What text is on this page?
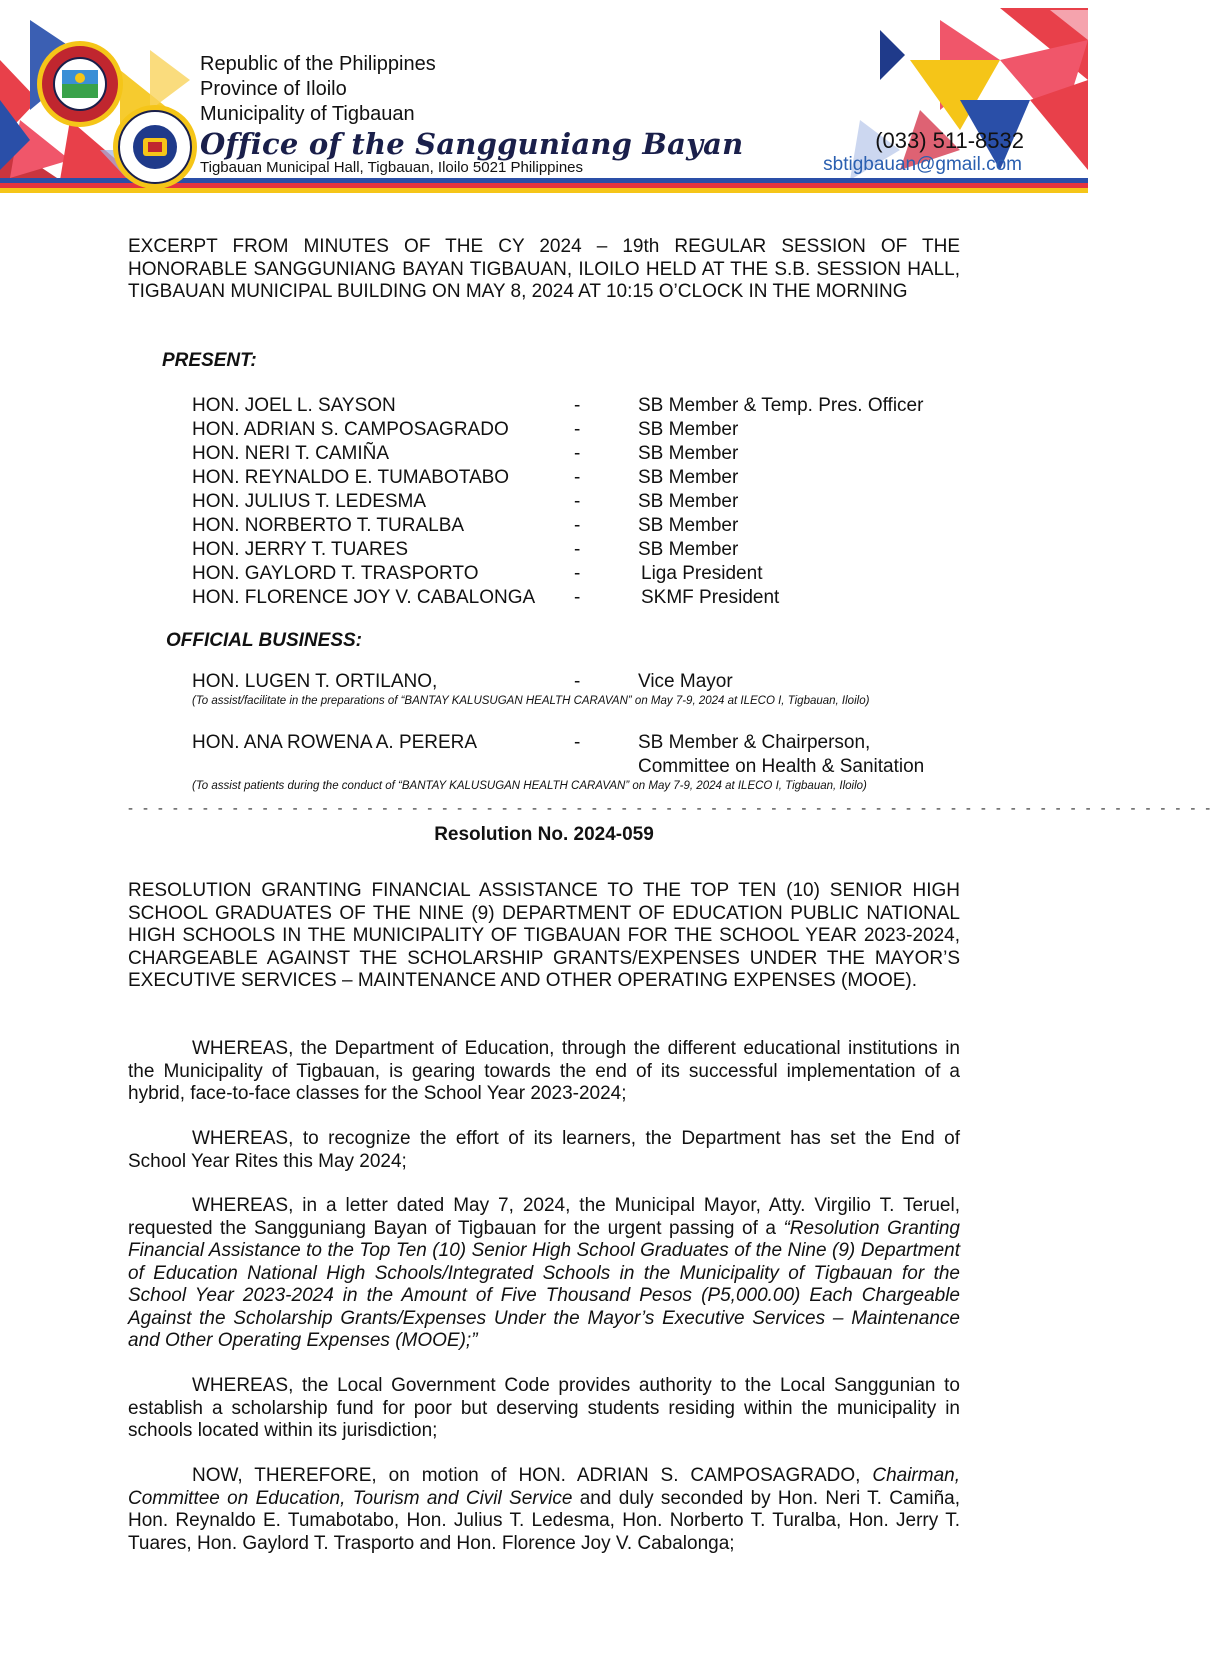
Republic of the Philippines
Province of Iloilo
Municipality of Tigbauan
Office of the Sangguniang Bayan
Tigbauan Municipal Hall, Tigbauan, Iloilo 5021 Philippines
(033) 511-8532
sbtigbauan@gmail.com
EXCERPT FROM MINUTES OF THE CY 2024 – 19th REGULAR SESSION OF THE HONORABLE SANGGUNIANG BAYAN TIGBAUAN, ILOILO HELD AT THE S.B. SESSION HALL, TIGBAUAN MUNICIPAL BUILDING ON MAY 8, 2024 AT 10:15 O’CLOCK IN THE MORNING
PRESENT:
HON. JOEL L. SAYSON	-	SB Member & Temp. Pres. Officer
HON. ADRIAN S. CAMPOSAGRADO	-	SB Member
HON. NERI T. CAMIÑA	-	SB Member
HON. REYNALDO E. TUMABOTABO	-	SB Member
HON. JULIUS T. LEDESMA	-	SB Member
HON. NORBERTO T. TURALBA	-	SB Member
HON. JERRY T. TUARES	-	SB Member
HON. GAYLORD T. TRASPORTO	-	Liga President
HON. FLORENCE JOY V. CABALONGA	-	SKMF President
OFFICIAL BUSINESS:
HON. LUGEN T. ORTILANO,	-	Vice Mayor
(To assist/facilitate in the preparations of “BANTAY KALUSUGAN HEALTH CARAVAN” on May 7-9, 2024 at ILECO I, Tigbauan, Iloilo)
HON. ANA ROWENA A. PERERA	-	SB Member & Chairperson,
Committee on Health & Sanitation
(To assist patients during the conduct of “BANTAY KALUSUGAN HEALTH CARAVAN” on May 7-9, 2024 at ILECO I, Tigbauan, Iloilo)
- - - - - - - - - - - - - - - - - - - - - - - - - - - - - - - - - - - - - - - - - - - - - - - - - - - - - - - - - - - - - - - - - - - - - - - - -
Resolution No. 2024-059
RESOLUTION GRANTING FINANCIAL ASSISTANCE TO THE TOP TEN (10) SENIOR HIGH SCHOOL GRADUATES OF THE NINE (9) DEPARTMENT OF EDUCATION PUBLIC NATIONAL HIGH SCHOOLS IN THE MUNICIPALITY OF TIGBAUAN FOR THE SCHOOL YEAR 2023-2024, CHARGEABLE AGAINST THE SCHOLARSHIP GRANTS/EXPENSES UNDER THE MAYOR’S EXECUTIVE SERVICES – MAINTENANCE AND OTHER OPERATING EXPENSES (MOOE).
WHEREAS, the Department of Education, through the different educational institutions in the Municipality of Tigbauan, is gearing towards the end of its successful implementation of a hybrid, face-to-face classes for the School Year 2023-2024;
WHEREAS, to recognize the effort of its learners, the Department has set the End of School Year Rites this May 2024;
WHEREAS, in a letter dated May 7, 2024, the Municipal Mayor, Atty. Virgilio T. Teruel, requested the Sangguniang Bayan of Tigbauan for the urgent passing of a “Resolution Granting Financial Assistance to the Top Ten (10) Senior High School Graduates of the Nine (9) Department of Education National High Schools/Integrated Schools in the Municipality of Tigbauan for the School Year 2023-2024 in the Amount of Five Thousand Pesos (P5,000.00) Each Chargeable Against the Scholarship Grants/Expenses Under the Mayor’s Executive Services – Maintenance and Other Operating Expenses (MOOE);”
WHEREAS, the Local Government Code provides authority to the Local Sanggunian to establish a scholarship fund for poor but deserving students residing within the municipality in schools located within its jurisdiction;
NOW, THEREFORE, on motion of HON. ADRIAN S. CAMPOSAGRADO, Chairman, Committee on Education, Tourism and Civil Service and duly seconded by Hon. Neri T. Camiña, Hon. Reynaldo E. Tumabotabo, Hon. Julius T. Ledesma, Hon. Norberto T. Turalba, Hon. Jerry T. Tuares, Hon. Gaylord T. Trasporto and Hon. Florence Joy V. Cabalonga;
